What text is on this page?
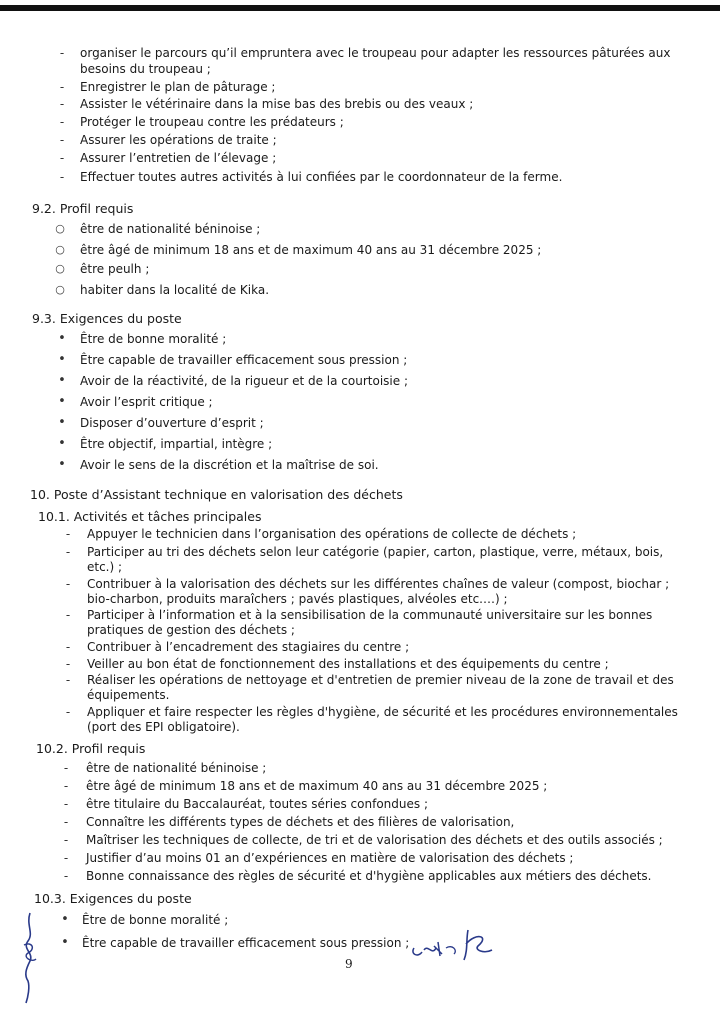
- organiser le parcours qu’il empruntera avec le troupeau pour adapter les ressources pâturées aux
besoins du troupeau ;
- Enregistrer le plan de pâturage ;
- Assister le vétérinaire dans la mise bas des brebis ou des veaux ;
- Protéger le troupeau contre les prédateurs ;
- Assurer les opérations de traite ;
- Assurer l’entretien de l’élevage ;
- Effectuer toutes autres activités à lui confiées par le coordonnateur de la ferme.
9.2. Profil requis
○ être de nationalité béninoise ;
○ être âgé de minimum 18 ans et de maximum 40 ans au 31 décembre 2025 ;
○ être peulh ;
○ habiter dans la localité de Kika.
9.3. Exigences du poste
• Être de bonne moralité ;
• Être capable de travailler efficacement sous pression ;
• Avoir de la réactivité, de la rigueur et de la courtoisie ;
• Avoir l’esprit critique ;
• Disposer d’ouverture d’esprit ;
• Être objectif, impartial, intègre ;
• Avoir le sens de la discrétion et la maîtrise de soi.
10. Poste d’Assistant technique en valorisation des déchets
10.1. Activités et tâches principales
- Appuyer le technicien dans l’organisation des opérations de collecte de déchets ;
- Participer au tri des déchets selon leur catégorie (papier, carton, plastique, verre, métaux, bois,
etc.) ;
- Contribuer à la valorisation des déchets sur les différentes chaînes de valeur (compost, biochar ;
bio-charbon, produits maraîchers ; pavés plastiques, alvéoles etc.…) ;
- Participer à l’information et à la sensibilisation de la communauté universitaire sur les bonnes
pratiques de gestion des déchets ;
- Contribuer à l’encadrement des stagiaires du centre ;
- Veiller au bon état de fonctionnement des installations et des équipements du centre ;
- Réaliser les opérations de nettoyage et d'entretien de premier niveau de la zone de travail et des
équipements.
- Appliquer et faire respecter les règles d'hygiène, de sécurité et les procédures environnementales
(port des EPI obligatoire).
10.2. Profil requis
- être de nationalité béninoise ;
- être âgé de minimum 18 ans et de maximum 40 ans au 31 décembre 2025 ;
- être titulaire du Baccalauréat, toutes séries confondues ;
- Connaître les différents types de déchets et des filières de valorisation,
- Maîtriser les techniques de collecte, de tri et de valorisation des déchets et des outils associés ;
- Justifier d’au moins 01 an d’expériences en matière de valorisation des déchets ;
- Bonne connaissance des règles de sécurité et d'hygiène applicables aux métiers des déchets.
10.3. Exigences du poste
• Être de bonne moralité ;
• Être capable de travailler efficacement sous pression ;
9
